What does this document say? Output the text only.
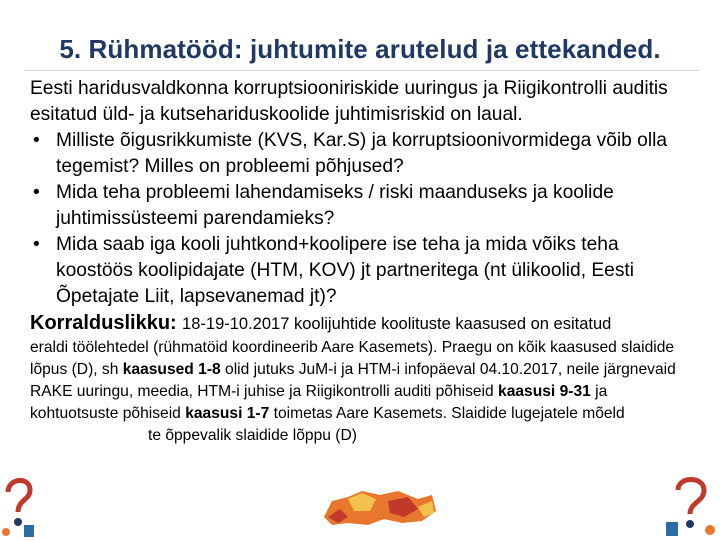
5. Rühmatööd: juhtumite arutelud ja ettekanded.

Eesti haridusvaldkonna korruptsiooniriskide uuringus ja Riigikontrolli auditis esitatud üld- ja kutsehariduskoolide juhtimisriskid on laual.

• Milliste õigusrikkumiste (KVS, Kar.S) ja korruptsioonivormidega võib olla tegemist? Milles on probleemi põhjused?
• Mida teha probleemi lahendamiseks / riski maanduseks ja koolide juhtimissüsteemi parendamieks?
• Mida saab iga kooli juhtkond+koolipere ise teha ja mida võiks teha koostöös koolipidajate (HTM, KOV) jt partneritega (nt ülikoolid, Eesti Õpetajate Liit, lapsevanemad jt)?

Korralduslikku: 18-19-10.2017 koolijuhtide koolituste kaasused on esitatud

eraldi töölehtedel (rühmatöid koordineerib Aare Kasemets). Praegu on kõik kaasused slaidide lõpus (D), sh kaasused 1-8 olid jutuks JuM-i ja HTM-i infopäeval 04.10.2017, neile järgnevaid RAKE uuringu, meedia, HTM-i juhise ja Riigikontrolli auditi põhiseid kaasusi 9-31 ja kohtuotsuste põhiseid kaasusi 1-7 toimetas Aare Kasemets. Slaidide lugejatele mõeldte õppevalik slaidide lõppu (D)
